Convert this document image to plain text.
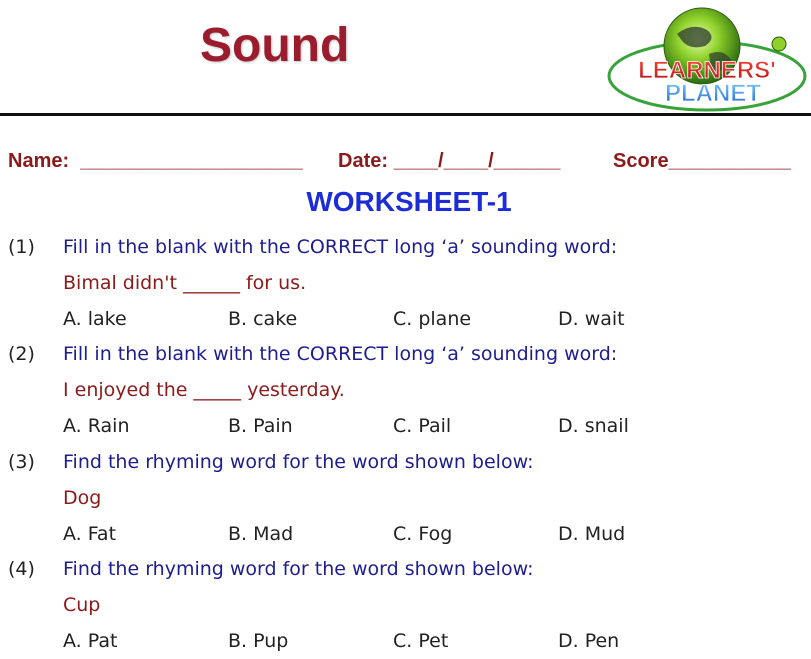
Sound	LEARNERS'
PLANET
Name:  ____________________ Date: ____/____/______	Score___________
WORKSHEET-1
(1) Fill in the blank with the CORRECT long ‘a’ sounding word:
Bimal didn't ______ for us.
A. lake	B. cake	C. plane	D. wait
(2) Fill in the blank with the CORRECT long ‘a’ sounding word:
I enjoyed the _____ yesterday.
A. Rain	B. Pain	C. Pail	D. snail
(3) Find the rhyming word for the word shown below:
Dog
A. Fat	B. Mad	C. Fog	D. Mud
(4) Find the rhyming word for the word shown below:
Cup
A. Pat	B. Pup	C. Pet	D. Pen
